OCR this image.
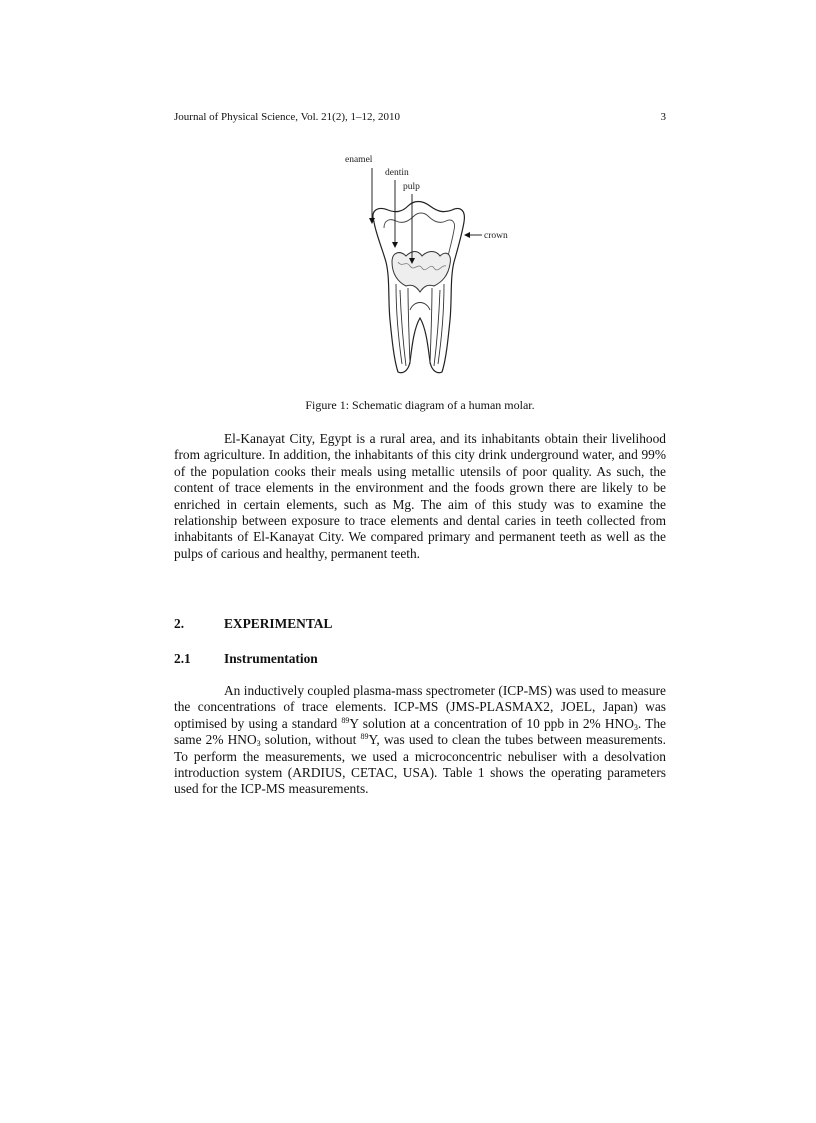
Journal of Physical Science, Vol. 21(2), 1–12, 2010	3
enamel
dentin
pulp
crown
Figure 1: Schematic diagram of a human molar.

El-Kanayat City, Egypt is a rural area, and its inhabitants obtain their livelihood from agriculture. In addition, the inhabitants of this city drink underground water, and 99% of the population cooks their meals using metallic utensils of poor quality. As such, the content of trace elements in the environment and the foods grown there are likely to be enriched in certain elements, such as Mg. The aim of this study was to examine the relationship between exposure to trace elements and dental caries in teeth collected from inhabitants of El-Kanayat City. We compared primary and permanent teeth as well as the pulps of carious and healthy, permanent teeth.

2.	EXPERIMENTAL
2.1 Instrumentation

An inductively coupled plasma-mass spectrometer (ICP-MS) was used to measure the concentrations of trace elements. ICP-MS (JMS-PLASMAX2, JOEL, Japan) was optimised by using a standard $^{89}$Y solution at a concentration of 10 ppb in 2% $HNO_3$. The same 2% $HNO_3$ solution, without $^{89}$Y, was used to clean the tubes between measurements. To perform the measurements, we used a microconcentric nebuliser with a desolvation introduction system (ARDIUS, CETAC, USA). Table 1 shows the operating parameters used for the ICP-MS measurements.
